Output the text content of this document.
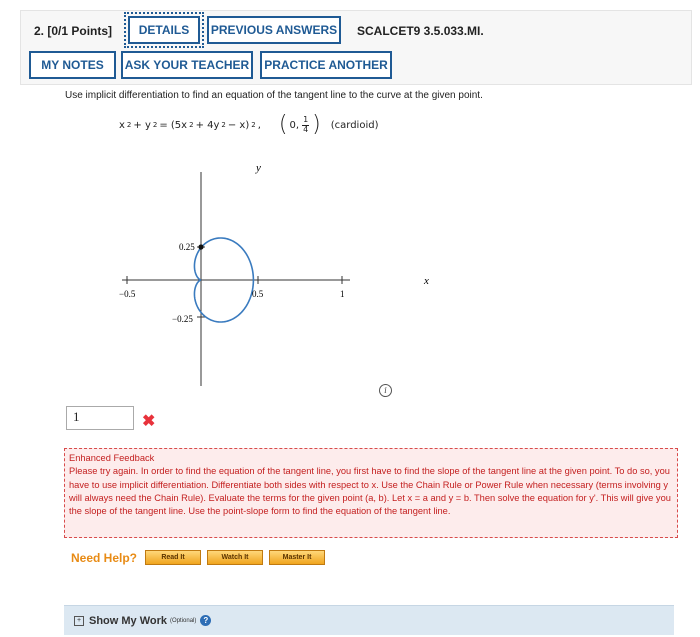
2. [0/1 Points]	DETAILS	PREVIOUS ANSWERS	SCALCET9 3.5.033.MI.
MY NOTES	ASK YOUR TEACHER	PRACTICE ANOTHER
Use implicit differentiation to find an equation of the tangent line to the curve at the given point.
x 2 + y 2 = (5x 2 + 4y 2 − x) 2 , ( 0, $\frac{1}{4}$ ) (cardioid)
y
x
−0.5	0.5	1
0.25
−0.25
i
1	✖
Enhanced Feedback
Please try again. In order to find the equation of the tangent line, you first have to find the slope of the tangent line at the given point. To do so, you have to use implicit differentiation. Differentiate both sides with respect to x. Use the Chain Rule or Power Rule when necessary (terms involving y will always need the Chain Rule). Evaluate the terms for the given point (a, b). Let x = a and y = b. Then solve the equation for y'. This will give you the slope of the tangent line. Use the point-slope form to find the equation of the tangent line.
Need Help?	Read It	Watch It	Master It
+ Show My Work (Optional) ?
